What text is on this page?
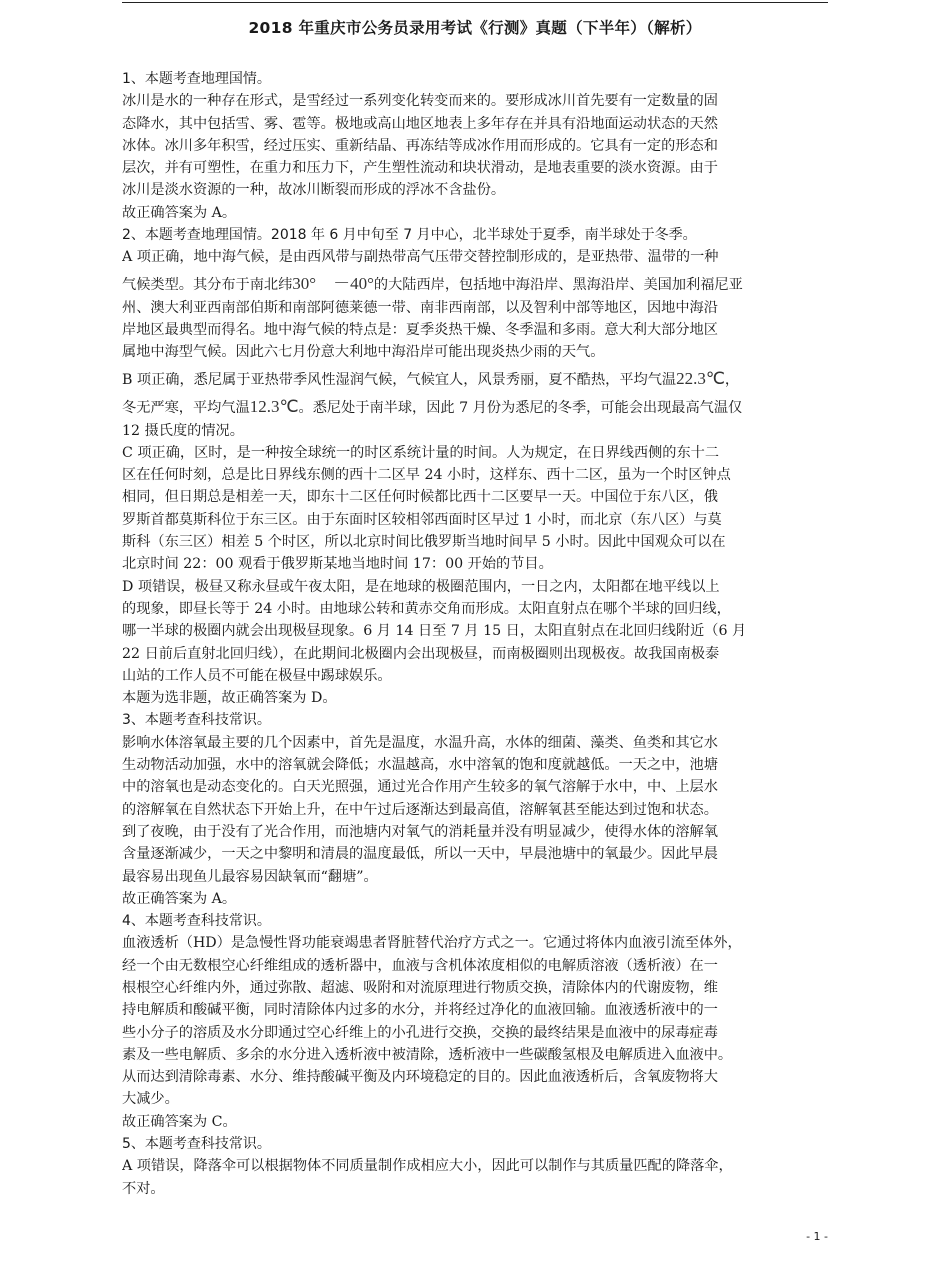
2018 年重庆市公务员录用考试《行测》真题（下半年）（解析）
1、本题考查地理国情。
冰川是水的一种存在形式，是雪经过一系列变化转变而来的。要形成冰川首先要有一定数量的固
态降水，其中包括雪、雾、雹等。极地或高山地区地表上多年存在并具有沿地面运动状态的天然
冰体。冰川多年积雪，经过压实、重新结晶、再冻结等成冰作用而形成的。它具有一定的形态和
层次，并有可塑性，在重力和压力下，产生塑性流动和块状滑动，是地表重要的淡水资源。由于
冰川是淡水资源的一种，故冰川断裂而形成的浮冰不含盐份。
故正确答案为 A。
2、本题考查地理国情。2018 年 6 月中旬至 7 月中心，北半球处于夏季，南半球处于冬季。
A 项正确，地中海气候，是由西风带与副热带高气压带交替控制形成的，是亚热带、温带的一种
气候类型。其分布于南北纬30°　－40°的大陆西岸，包括地中海沿岸、黑海沿岸、美国加利福尼亚
州、澳大利亚西南部伯斯和南部阿德莱德一带、南非西南部，以及智利中部等地区，因地中海沿
岸地区最典型而得名。地中海气候的特点是：夏季炎热干燥、冬季温和多雨。意大利大部分地区
属地中海型气候。因此六七月份意大利地中海沿岸可能出现炎热少雨的天气。
B 项正确，悉尼属于亚热带季风性湿润气候，气候宜人，风景秀丽，夏不酷热，平均气温22.3℃，
冬无严寒，平均气温12.3℃。悉尼处于南半球，因此 7 月份为悉尼的冬季，可能会出现最高气温仅
12 摄氏度的情况。
C 项正确，区时，是一种按全球统一的时区系统计量的时间。人为规定，在日界线西侧的东十二
区在任何时刻，总是比日界线东侧的西十二区早 24 小时，这样东、西十二区，虽为一个时区钟点
相同，但日期总是相差一天，即东十二区任何时候都比西十二区要早一天。中国位于东八区，俄
罗斯首都莫斯科位于东三区。由于东面时区较相邻西面时区早过 1 小时，而北京（东八区）与莫
斯科（东三区）相差 5 个时区，所以北京时间比俄罗斯当地时间早 5 小时。因此中国观众可以在
北京时间 22：00 观看于俄罗斯某地当地时间 17：00 开始的节目。
D 项错误，极昼又称永昼或午夜太阳，是在地球的极圈范围内，一日之内，太阳都在地平线以上
的现象，即昼长等于 24 小时。由地球公转和黄赤交角而形成。太阳直射点在哪个半球的回归线，
哪一半球的极圈内就会出现极昼现象。6 月 14 日至 7 月 15 日，太阳直射点在北回归线附近（6 月
22 日前后直射北回归线），在此期间北极圈内会出现极昼，而南极圈则出现极夜。故我国南极泰
山站的工作人员不可能在极昼中踢球娱乐。
本题为选非题，故正确答案为 D。
3、本题考查科技常识。
影响水体溶氧最主要的几个因素中，首先是温度，水温升高，水体的细菌、藻类、鱼类和其它水
生动物活动加强，水中的溶氧就会降低；水温越高，水中溶氧的饱和度就越低。一天之中，池塘
中的溶氧也是动态变化的。白天光照强，通过光合作用产生较多的氧气溶解于水中，中、上层水
的溶解氧在自然状态下开始上升，在中午过后逐渐达到最高值，溶解氧甚至能达到过饱和状态。
到了夜晚，由于没有了光合作用，而池塘内对氧气的消耗量并没有明显减少，使得水体的溶解氧
含量逐渐减少，一天之中黎明和清晨的温度最低，所以一天中，早晨池塘中的氧最少。因此早晨
最容易出现鱼儿最容易因缺氧而“翻塘”。
故正确答案为 A。
4、本题考查科技常识。
血液透析（HD）是急慢性肾功能衰竭患者肾脏替代治疗方式之一。它通过将体内血液引流至体外，
经一个由无数根空心纤维组成的透析器中，血液与含机体浓度相似的电解质溶液（透析液）在一
根根空心纤维内外，通过弥散、超滤、吸附和对流原理进行物质交换，清除体内的代谢废物，维
持电解质和酸碱平衡，同时清除体内过多的水分，并将经过净化的血液回输。血液透析液中的一
些小分子的溶质及水分即通过空心纤维上的小孔进行交换，交换的最终结果是血液中的尿毒症毒
素及一些电解质、多余的水分进入透析液中被清除，透析液中一些碳酸氢根及电解质进入血液中。
从而达到清除毒素、水分、维持酸碱平衡及内环境稳定的目的。因此血液透析后，含氧废物将大
大减少。
故正确答案为 C。
5、本题考查科技常识。
A 项错误，降落伞可以根据物体不同质量制作成相应大小，因此可以制作与其质量匹配的降落伞，
不对。
- 1 -
